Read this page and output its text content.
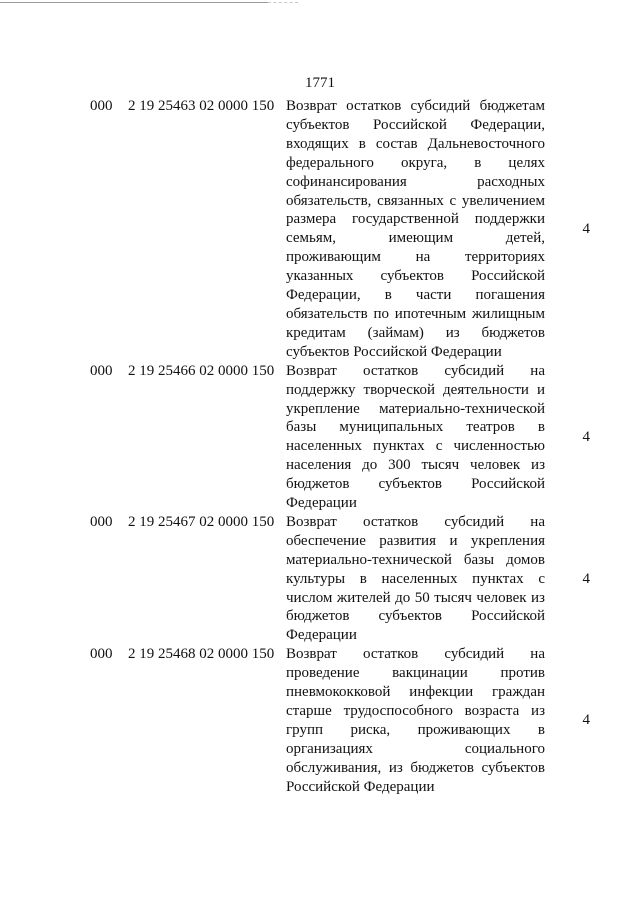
1771
000	2 19 25463 02 0000 150 Возврат остатков субсидий бюджетам субъектов Российской Федерации, входящих в состав Дальневосточного федерального округа, в целях софинансирования расходных обязательств, связанных с увеличением размера государственной поддержки семьям, имеющим детей, проживающим на территориях указанных субъектов Российской Федерации, в части погашения обязательств по ипотечным жилищным кредитам (займам) из бюджетов субъектов Российской Федерации
4
000	2 19 25466 02 0000 150 Возврат остатков субсидий на поддержку творческой деятельности и укрепление материально-технической базы муниципальных театров в населенных пунктах с численностью населения до 300 тысяч человек из бюджетов субъектов Российской Федерации
4
000	2 19 25467 02 0000 150 Возврат остатков субсидий на обеспечение развития и укрепления материально-технической базы домов культуры в населенных пунктах с числом жителей до 50 тысяч человек из бюджетов субъектов Российской Федерации
4
000	2 19 25468 02 0000 150 Возврат остатков субсидий на проведение вакцинации против пневмококковой инфекции граждан старше трудоспособного возраста из групп риска, проживающих в организациях социального обслуживания, из бюджетов субъектов Российской Федерации
4
